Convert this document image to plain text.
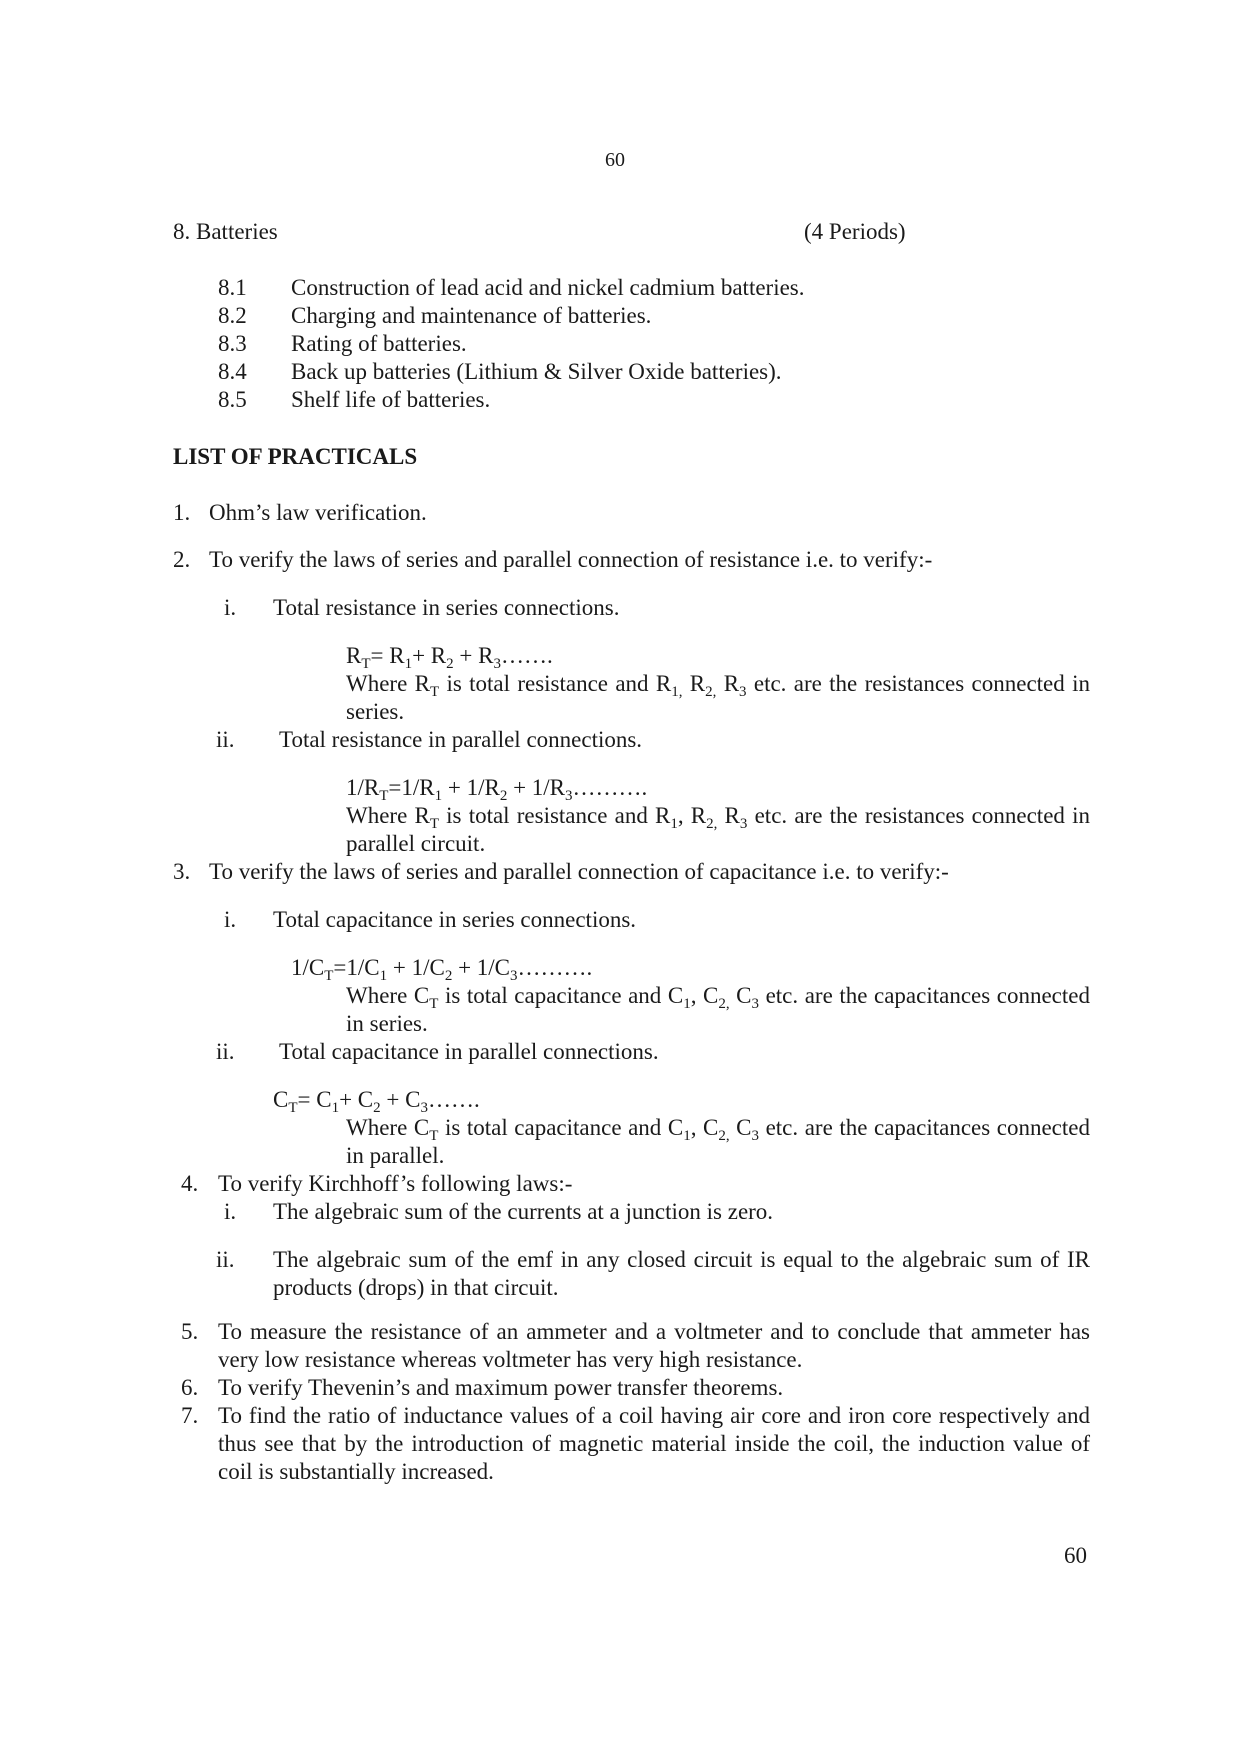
60
8. Batteries	(4 Periods)
8.1 Construction of lead acid and nickel cadmium batteries.
8.2 Charging and maintenance of batteries.
8.3 Rating of batteries.
8.4 Back up batteries (Lithium & Silver Oxide batteries).
8.5 Shelf life of batteries.
LIST OF PRACTICALS
1. Ohm’s law verification.
2. To verify the laws of series and parallel connection of resistance i.e. to verify:-
i. Total resistance in series connections.
$R_T= R_1+ R_2$ + $R_3\dots\dots$.
Where $R_T$ is total resistance and $R_{1,}$ $R_{2,}$ $R_3$ etc. are the resistances connected in series.
ii. Total resistance in parallel connections.
$1/R_T=1/R_1 + 1/R_2$ + $1/R_3\dots\dots\dots$.
Where $R_T$ is total resistance and $R_1$, $R_{2,}$ $R_3$ etc. are the resistances connected in parallel circuit.
3. To verify the laws of series and parallel connection of capacitance i.e. to verify:-
i. Total capacitance in series connections.
$1/C_T=1/C_1 + 1/C_2$ + $1/C_3\dots\dots\dots$.
Where $C_T$ is total capacitance and $C_1$, $C_{2,}$ $C_3$ etc. are the capacitances connected in series.
ii. Total capacitance in parallel connections.
$C_T= C_1+ C_2$ + $C_3\dots\dots$.
Where $C_T$ is total capacitance and $C_1$, $C_{2,}$ $C_3$ etc. are the capacitances connected in parallel.
4. To verify Kirchhoff’s following laws:-
i. The algebraic sum of the currents at a junction is zero.
ii. The algebraic sum of the emf in any closed circuit is equal to the algebraic sum of IR products (drops) in that circuit.
5. To measure the resistance of an ammeter and a voltmeter and to conclude that ammeter has very low resistance whereas voltmeter has very high resistance.
6. To verify Thevenin’s and maximum power transfer theorems.
7. To find the ratio of inductance values of a coil having air core and iron core respectively and thus see that by the introduction of magnetic material inside the coil, the induction value of coil is substantially increased.
60
